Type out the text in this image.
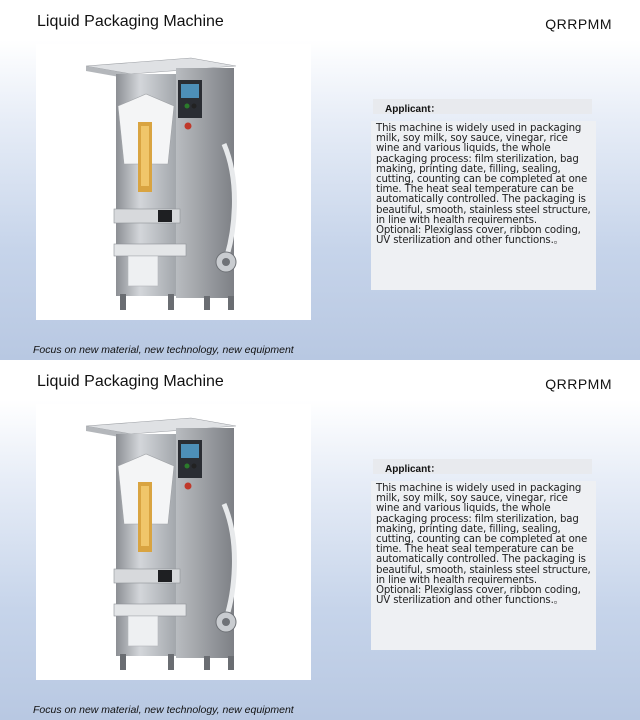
Liquid Packaging Machine	QRRPMM
Applicant：

This machine is widely used in packaging milk, soy milk, soy sauce, vinegar, rice wine and various liquids, the whole packaging process: film sterilization, bag making, printing date, filling, sealing, cutting, counting can be completed at one time. The heat seal temperature can be automatically controlled. The packaging is beautiful, smooth, stainless steel structure, in line with health requirements.

Optional: Plexiglass cover, ribbon coding, UV sterilization and other functions.。

Focus on new material, new technology, new equipment
Liquid Packaging Machine	QRRPMM
Applicant：

This machine is widely used in packaging milk, soy milk, soy sauce, vinegar, rice wine and various liquids, the whole packaging process: film sterilization, bag making, printing date, filling, sealing, cutting, counting can be completed at one time. The heat seal temperature can be automatically controlled. The packaging is beautiful, smooth, stainless steel structure, in line with health requirements.

Optional: Plexiglass cover, ribbon coding, UV sterilization and other functions.。

Focus on new material, new technology, new equipment
